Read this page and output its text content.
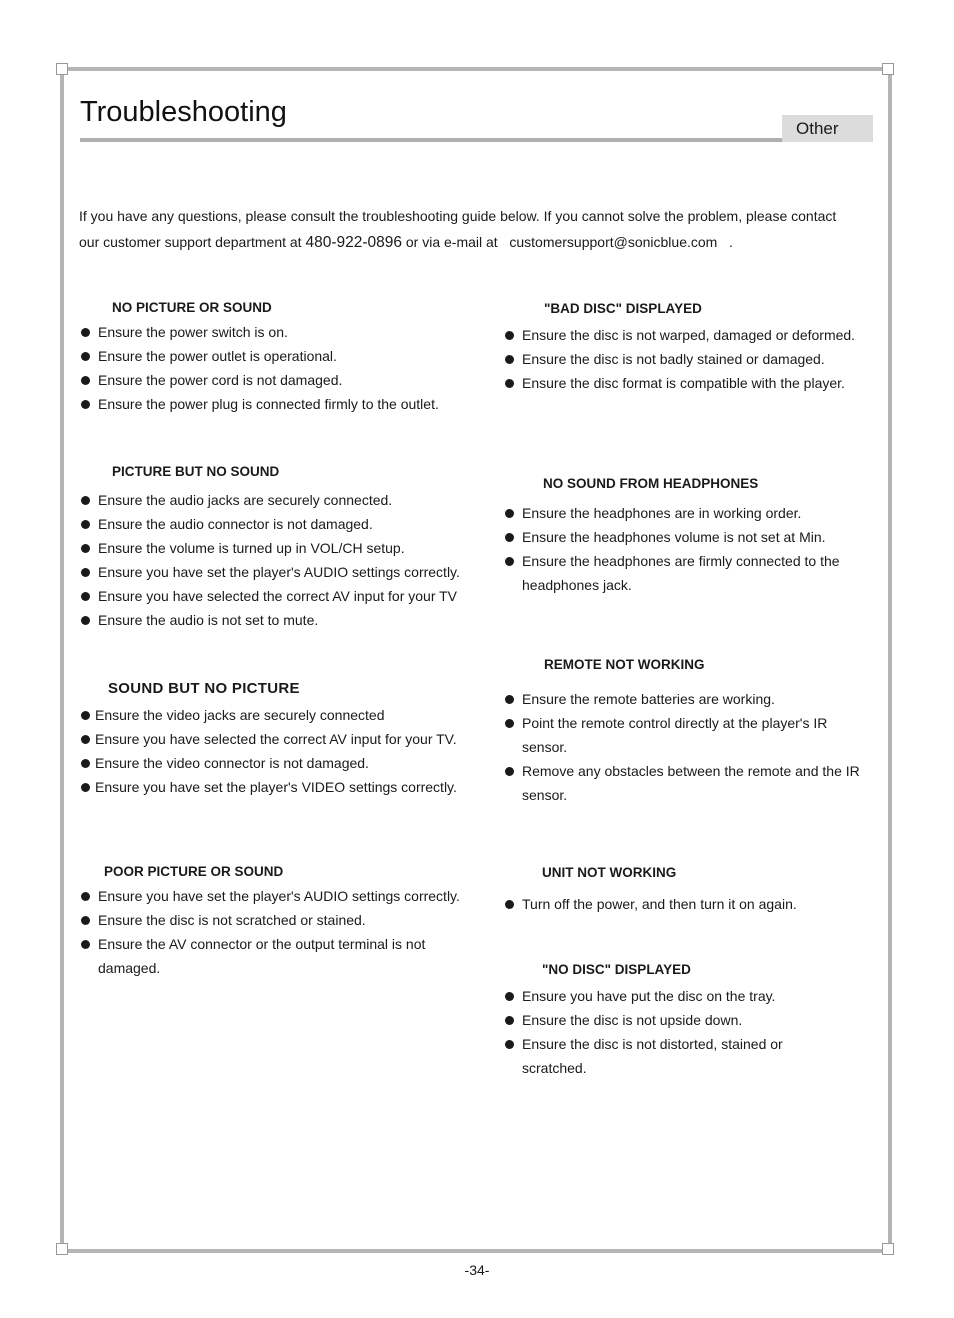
Troubleshooting
Other
If you have any questions, please consult the troubleshooting guide below. If you cannot solve the problem, please contact
our customer support department at 480-922-0896 or via e-mail at   customersupport@sonicblue.com   .
NO PICTURE OR SOUND
Ensure the power switch is on.
Ensure the power outlet is operational.
Ensure the power cord is not damaged.
Ensure the power plug is connected firmly to the outlet.
PICTURE BUT NO SOUND
Ensure the audio jacks are securely connected.
Ensure the audio connector is not damaged.
Ensure the volume is turned up in VOL/CH setup.
Ensure you have set the player's AUDIO settings correctly.
Ensure you have selected the correct AV input for your TV
Ensure the audio is not set to mute.
SOUND BUT NO PICTURE
Ensure the video jacks are securely connected
Ensure you have selected the correct AV input for your TV.
Ensure the video connector is not damaged.
Ensure you have set the player's VIDEO settings correctly.
POOR PICTURE OR SOUND
Ensure you have set the player's AUDIO settings correctly.
Ensure the disc is not scratched or stained.
Ensure the AV connector or the output terminal is not damaged.
"BAD DISC" DISPLAYED
Ensure the disc is not warped, damaged or deformed.
Ensure the disc is not badly stained or damaged.
Ensure the disc format is compatible with the player.
NO SOUND FROM HEADPHONES
Ensure the headphones are in working order.
Ensure the headphones volume is not set at Min.
Ensure the headphones are firmly connected to the headphones jack.
REMOTE NOT WORKING
Ensure the remote batteries are working.
Point the remote control directly at the player's IR sensor.
Remove any obstacles between the remote and the IR sensor.
UNIT NOT WORKING
Turn off the power, and then turn it on again.
"NO DISC" DISPLAYED
Ensure you have put the disc on the tray.
Ensure the disc is not upside down.
Ensure the disc is not distorted, stained or scratched.
-34-
